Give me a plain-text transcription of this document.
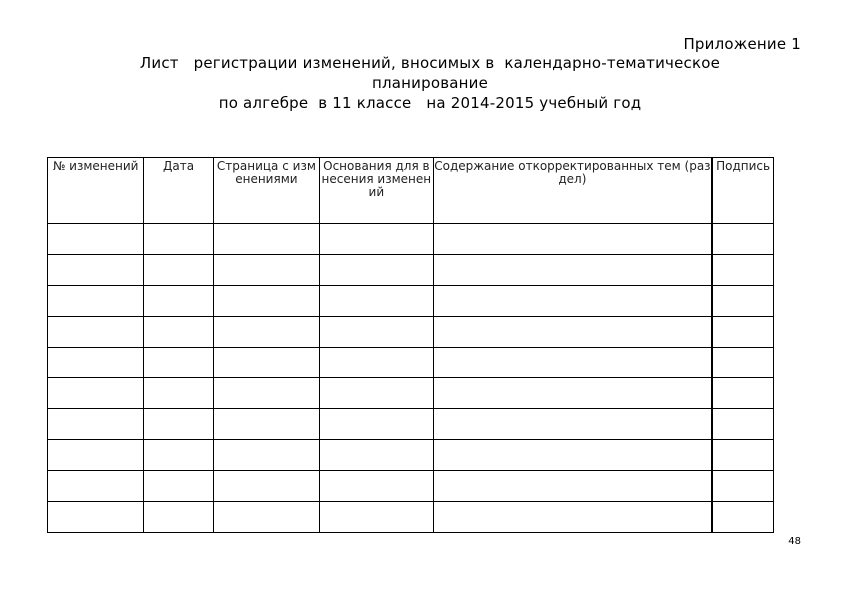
Приложение 1
Лист   регистрации изменений, вносимых в  календарно-тематическое
планирование
по алгебре  в 11 классе   на 2014-2015 учебный год
№ изменений	Дата	Страница с изменениями	Основания для внесения изменений	Содержание откорректированных тем (раздел)	Подпись

48
